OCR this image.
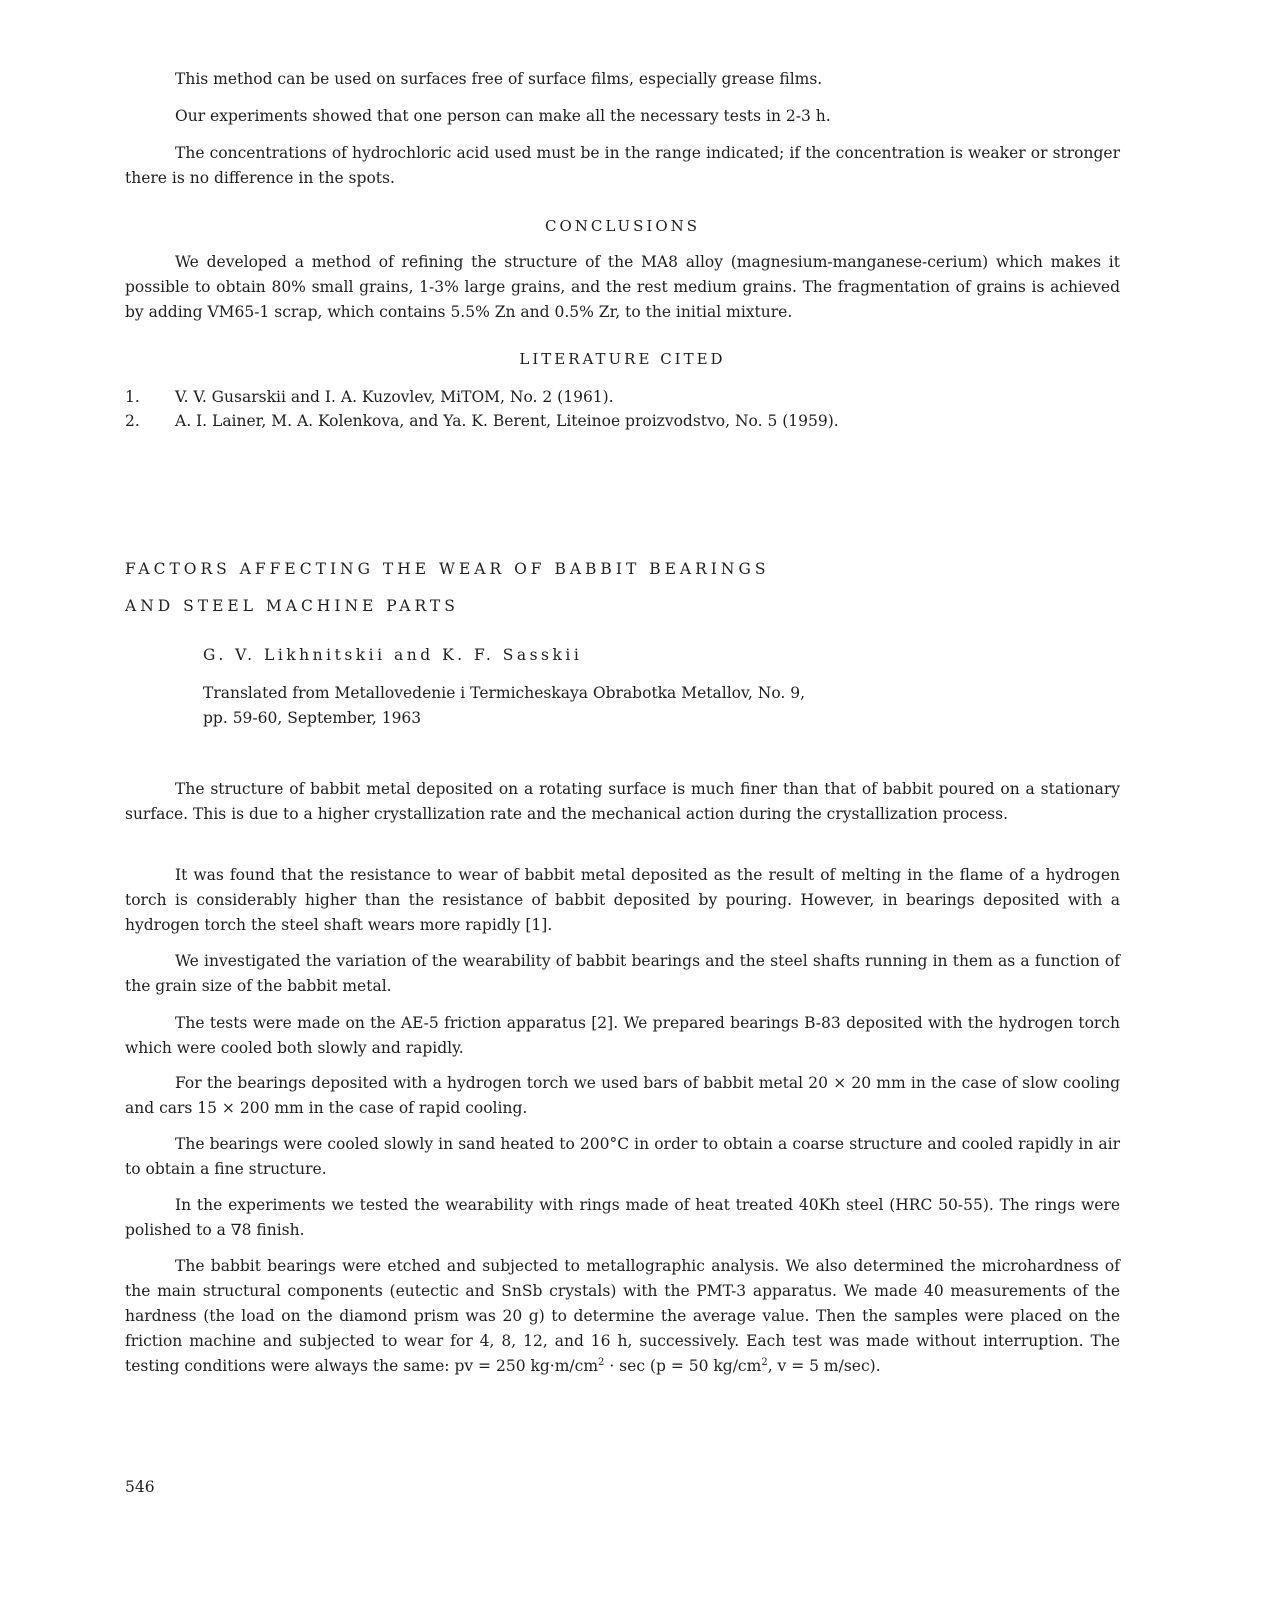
This method can be used on surfaces free of surface films, especially grease films.
Our experiments showed that one person can make all the necessary tests in 2-3 h.
The concentrations of hydrochloric acid used must be in the range indicated; if the concentration is weaker or stronger there is no difference in the spots.
CONCLUSIONS
We developed a method of refining the structure of the MA8 alloy (magnesium-manganese-cerium) which makes it possible to obtain 80% small grains, 1-3% large grains, and the rest medium grains. The fragmentation of grains is achieved by adding VM65-1 scrap, which contains 5.5% Zn and 0.5% Zr, to the initial mixture.
LITERATURE CITED
1.	V. V. Gusarskii and I. A. Kuzovlev, MiTOM, No. 2 (1961).
2.	A. I. Lainer, M. A. Kolenkova, and Ya. K. Berent, Liteinoe proizvodstvo, No. 5 (1959).
FACTORS AFFECTING THE WEAR OF BABBIT BEARINGS
AND STEEL MACHINE PARTS
G. V. Likhnitskii and K. F. Sasskii
Translated from Metallovedenie i Termicheskaya Obrabotka Metallov, No. 9,
pp. 59-60, September, 1963
The structure of babbit metal deposited on a rotating surface is much finer than that of babbit poured on a stationary surface. This is due to a higher crystallization rate and the mechanical action during the crystallization process.
It was found that the resistance to wear of babbit metal deposited as the result of melting in the flame of a hydrogen torch is considerably higher than the resistance of babbit deposited by pouring. However, in bearings deposited with a hydrogen torch the steel shaft wears more rapidly [1].
We investigated the variation of the wearability of babbit bearings and the steel shafts running in them as a function of the grain size of the babbit metal.
The tests were made on the AE-5 friction apparatus [2]. We prepared bearings B-83 deposited with the hydrogen torch which were cooled both slowly and rapidly.
For the bearings deposited with a hydrogen torch we used bars of babbit metal 20 × 20 mm in the case of slow cooling and cars 15 × 200 mm in the case of rapid cooling.
The bearings were cooled slowly in sand heated to 200°C in order to obtain a coarse structure and cooled rapidly in air to obtain a fine structure.
In the experiments we tested the wearability with rings made of heat treated 40Kh steel (HRC 50-55). The rings were polished to a ∇8 finish.
The babbit bearings were etched and subjected to metallographic analysis. We also determined the microhardness of the main structural components (eutectic and SnSb crystals) with the PMT-3 apparatus. We made 40 measurements of the hardness (the load on the diamond prism was 20 g) to determine the average value. Then the samples were placed on the friction machine and subjected to wear for 4, 8, 12, and 16 h, successively. Each test was made without interruption. The testing conditions were always the same: pv = 250 $kg\cdot m/cm^2 \cdot \sec (p = 50$ $kg/cm^2$, v = 5 m/sec).
546
